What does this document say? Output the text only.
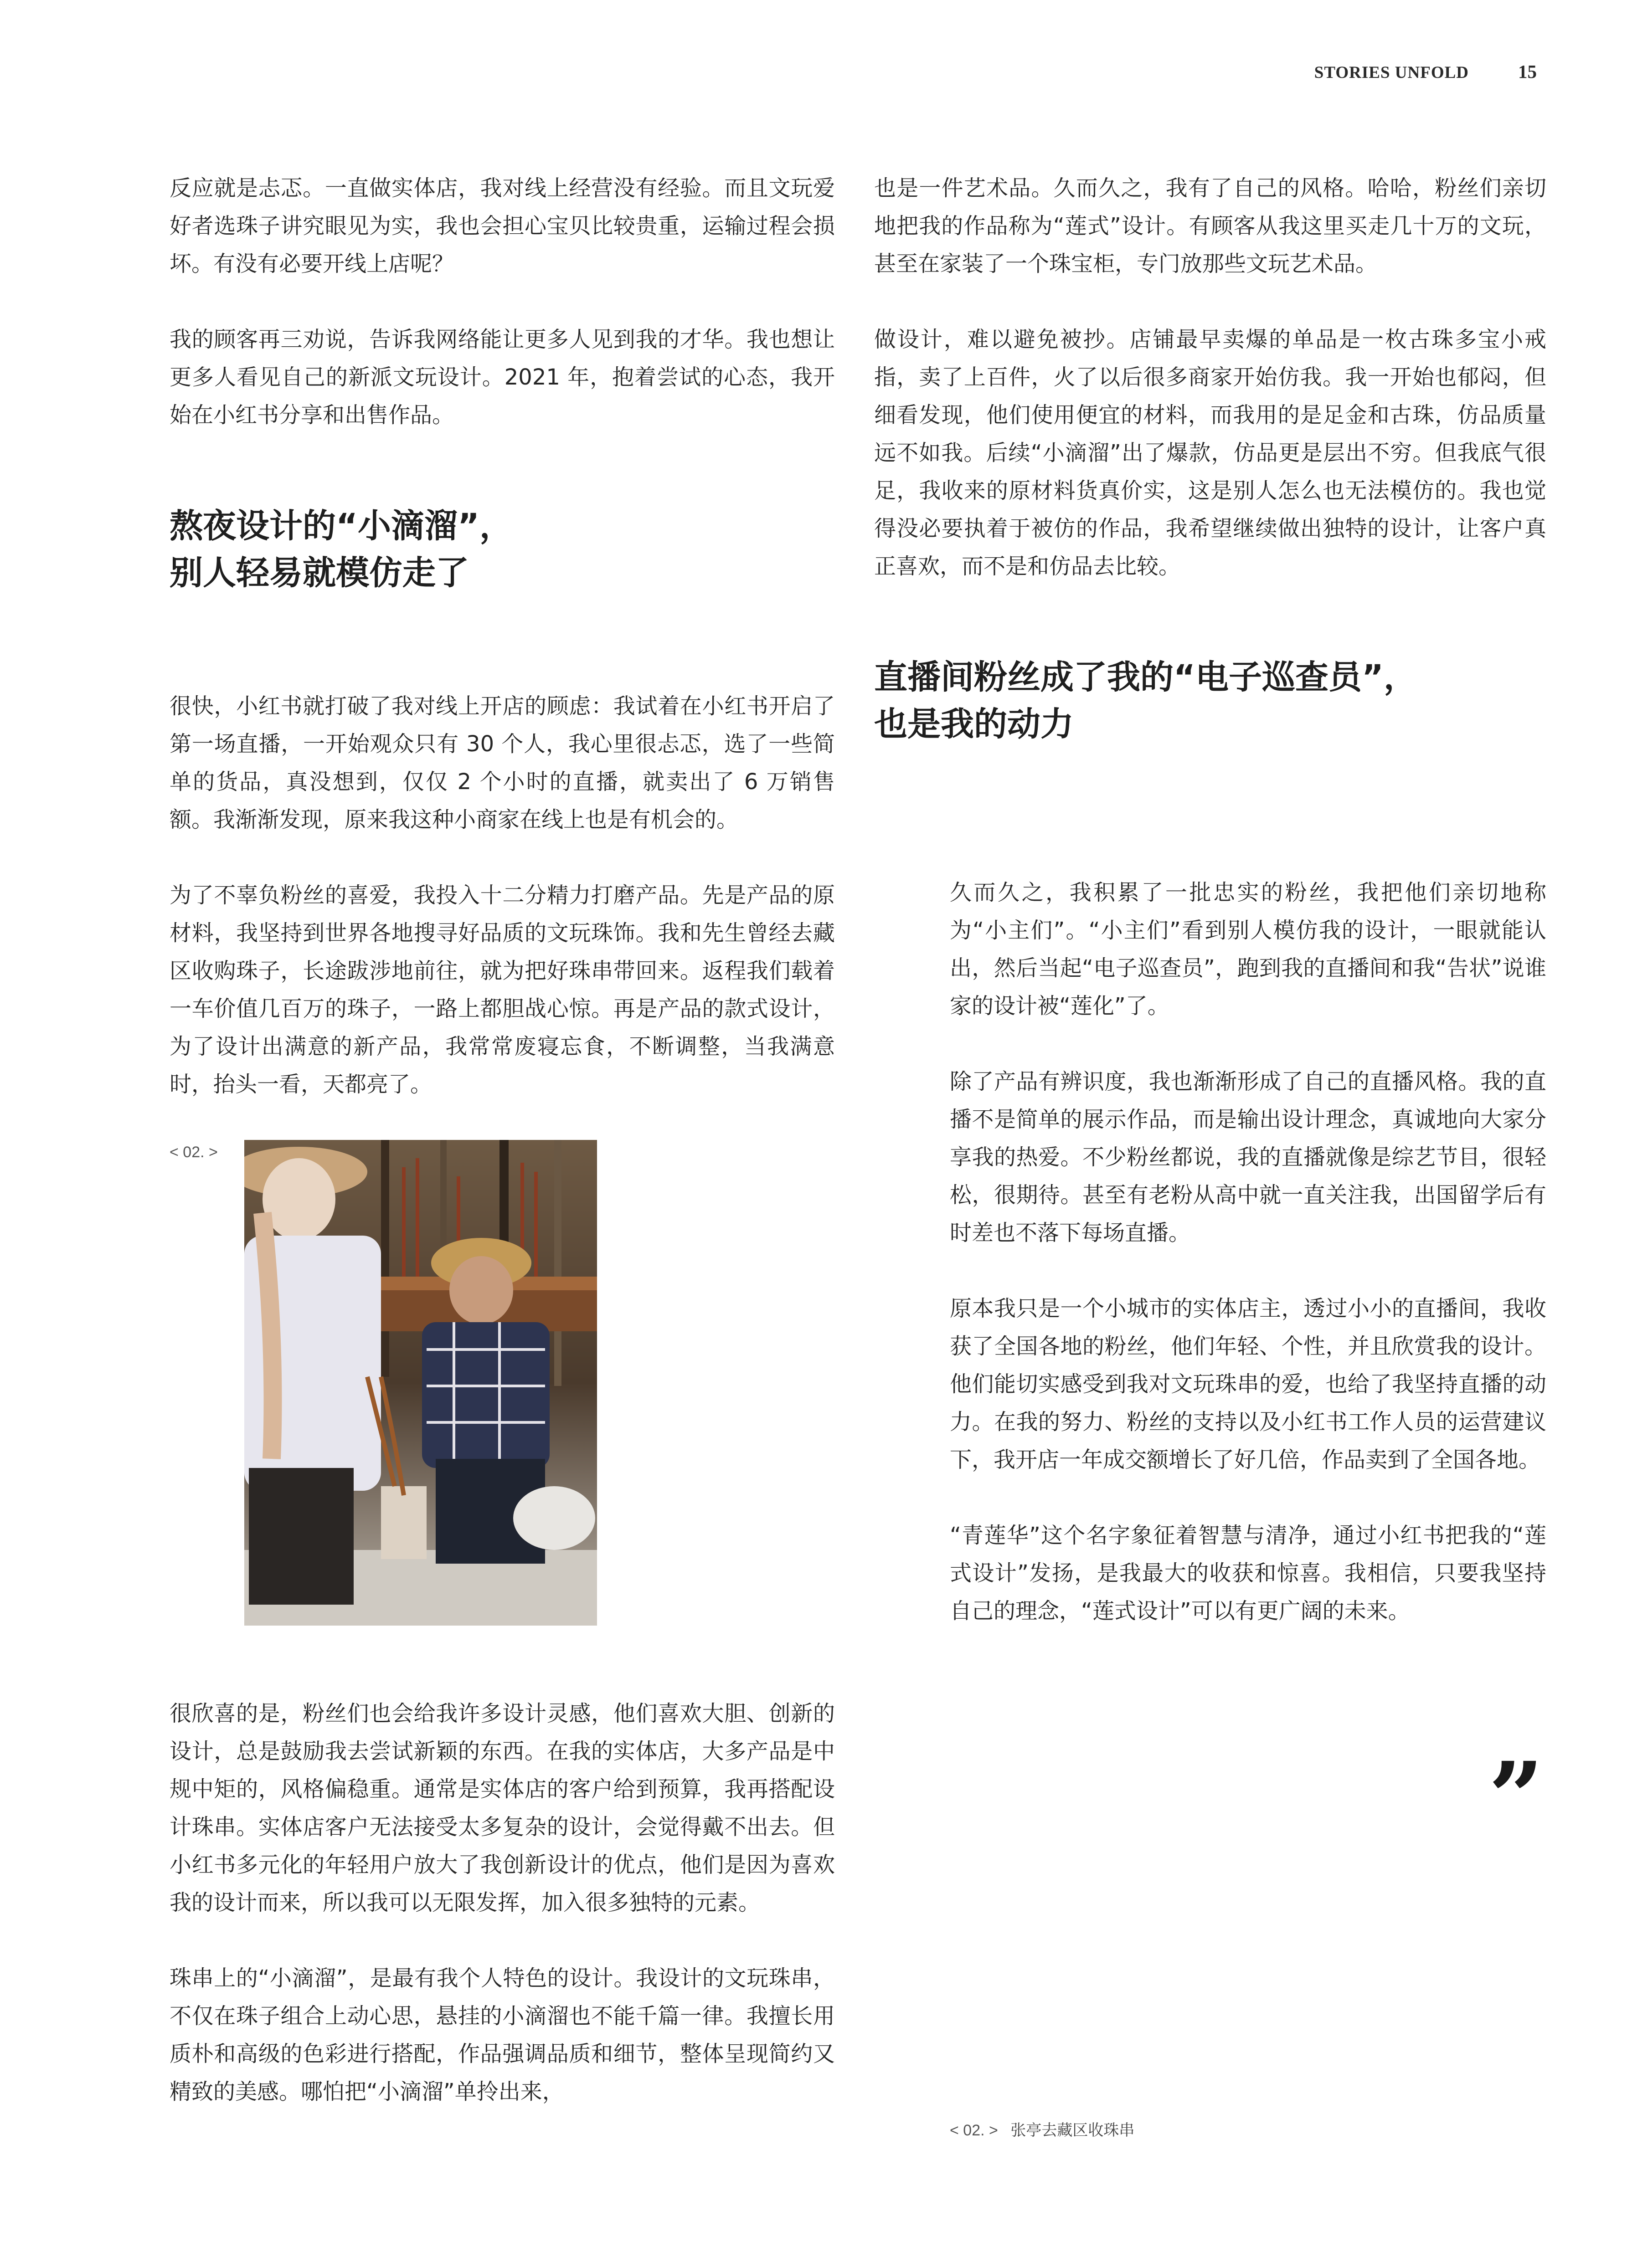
STORIES UNFOLD	15

反应就是忐忑。一直做实体店，我对线上经营没有经验。而且文玩爱好者选珠子讲究眼见为实，我也会担心宝贝比较贵重，运输过程会损坏。有没有必要开线上店呢？

我的顾客再三劝说，告诉我网络能让更多人见到我的才华。我也想让更多人看见自己的新派文玩设计。2021 年，抱着尝试的心态，我开始在小红书分享和出售作品。

熬夜设计的“小滴溜”，
别人轻易就模仿走了

很快，小红书就打破了我对线上开店的顾虑：我试着在小红书开启了第一场直播，一开始观众只有 30 个人，我心里很忐忑，选了一些简单的货品，真没想到，仅仅 2 个小时的直播，就卖出了 6 万销售额。我渐渐发现，原来我这种小商家在线上也是有机会的。

为了不辜负粉丝的喜爱，我投入十二分精力打磨产品。先是产品的原材料，我坚持到世界各地搜寻好品质的文玩珠饰。我和先生曾经去藏区收购珠子，长途跋涉地前往，就为把好珠串带回来。返程我们载着一车价值几百万的珠子，一路上都胆战心惊。再是产品的款式设计，为了设计出满意的新产品，我常常废寝忘食，不断调整，当我满意时，抬头一看，天都亮了。

< 02. >

很欣喜的是，粉丝们也会给我许多设计灵感，他们喜欢大胆、创新的设计，总是鼓励我去尝试新颖的东西。在我的实体店，大多产品是中规中矩的，风格偏稳重。通常是实体店的客户给到预算，我再搭配设计珠串。实体店客户无法接受太多复杂的设计，会觉得戴不出去。但小红书多元化的年轻用户放大了我创新设计的优点，他们是因为喜欢我的设计而来，所以我可以无限发挥，加入很多独特的元素。

珠串上的“小滴溜”，是最有我个人特色的设计。我设计的文玩珠串，不仅在珠子组合上动心思，悬挂的小滴溜也不能千篇一律。我擅长用质朴和高级的色彩进行搭配，作品强调品质和细节，整体呈现简约又精致的美感。哪怕把“小滴溜”单拎出来，

也是一件艺术品。久而久之，我有了自己的风格。哈哈，粉丝们亲切地把我的作品称为“莲式”设计。有顾客从我这里买走几十万的文玩，甚至在家装了一个珠宝柜，专门放那些文玩艺术品。

做设计，难以避免被抄。店铺最早卖爆的单品是一枚古珠多宝小戒指，卖了上百件，火了以后很多商家开始仿我。我一开始也郁闷，但细看发现，他们使用便宜的材料，而我用的是足金和古珠，仿品质量远不如我。后续“小滴溜”出了爆款，仿品更是层出不穷。但我底气很足，我收来的原材料货真价实，这是别人怎么也无法模仿的。我也觉得没必要执着于被仿的作品，我希望继续做出独特的设计，让客户真正喜欢，而不是和仿品去比较。

直播间粉丝成了我的“电子巡查员”，
也是我的动力

久而久之，我积累了一批忠实的粉丝，我把他们亲切地称为“小主们”。“小主们”看到别人模仿我的设计，一眼就能认出，然后当起“电子巡查员”，跑到我的直播间和我“告状”说谁家的设计被“莲化”了。

除了产品有辨识度，我也渐渐形成了自己的直播风格。我的直播不是简单的展示作品，而是输出设计理念，真诚地向大家分享我的热爱。不少粉丝都说，我的直播就像是综艺节目，很轻松，很期待。甚至有老粉从高中就一直关注我，出国留学后有时差也不落下每场直播。

原本我只是一个小城市的实体店主，透过小小的直播间，我收获了全国各地的粉丝，他们年轻、个性，并且欣赏我的设计。他们能切实感受到我对文玩珠串的爱，也给了我坚持直播的动力。在我的努力、粉丝的支持以及小红书工作人员的运营建议下，我开店一年成交额增长了好几倍，作品卖到了全国各地。

“青莲华”这个名字象征着智慧与清净，通过小红书把我的“莲式设计”发扬，是我最大的收获和惊喜。我相信，只要我坚持自己的理念，“莲式设计”可以有更广阔的未来。

”
< 02. > 张亭去藏区收珠串
